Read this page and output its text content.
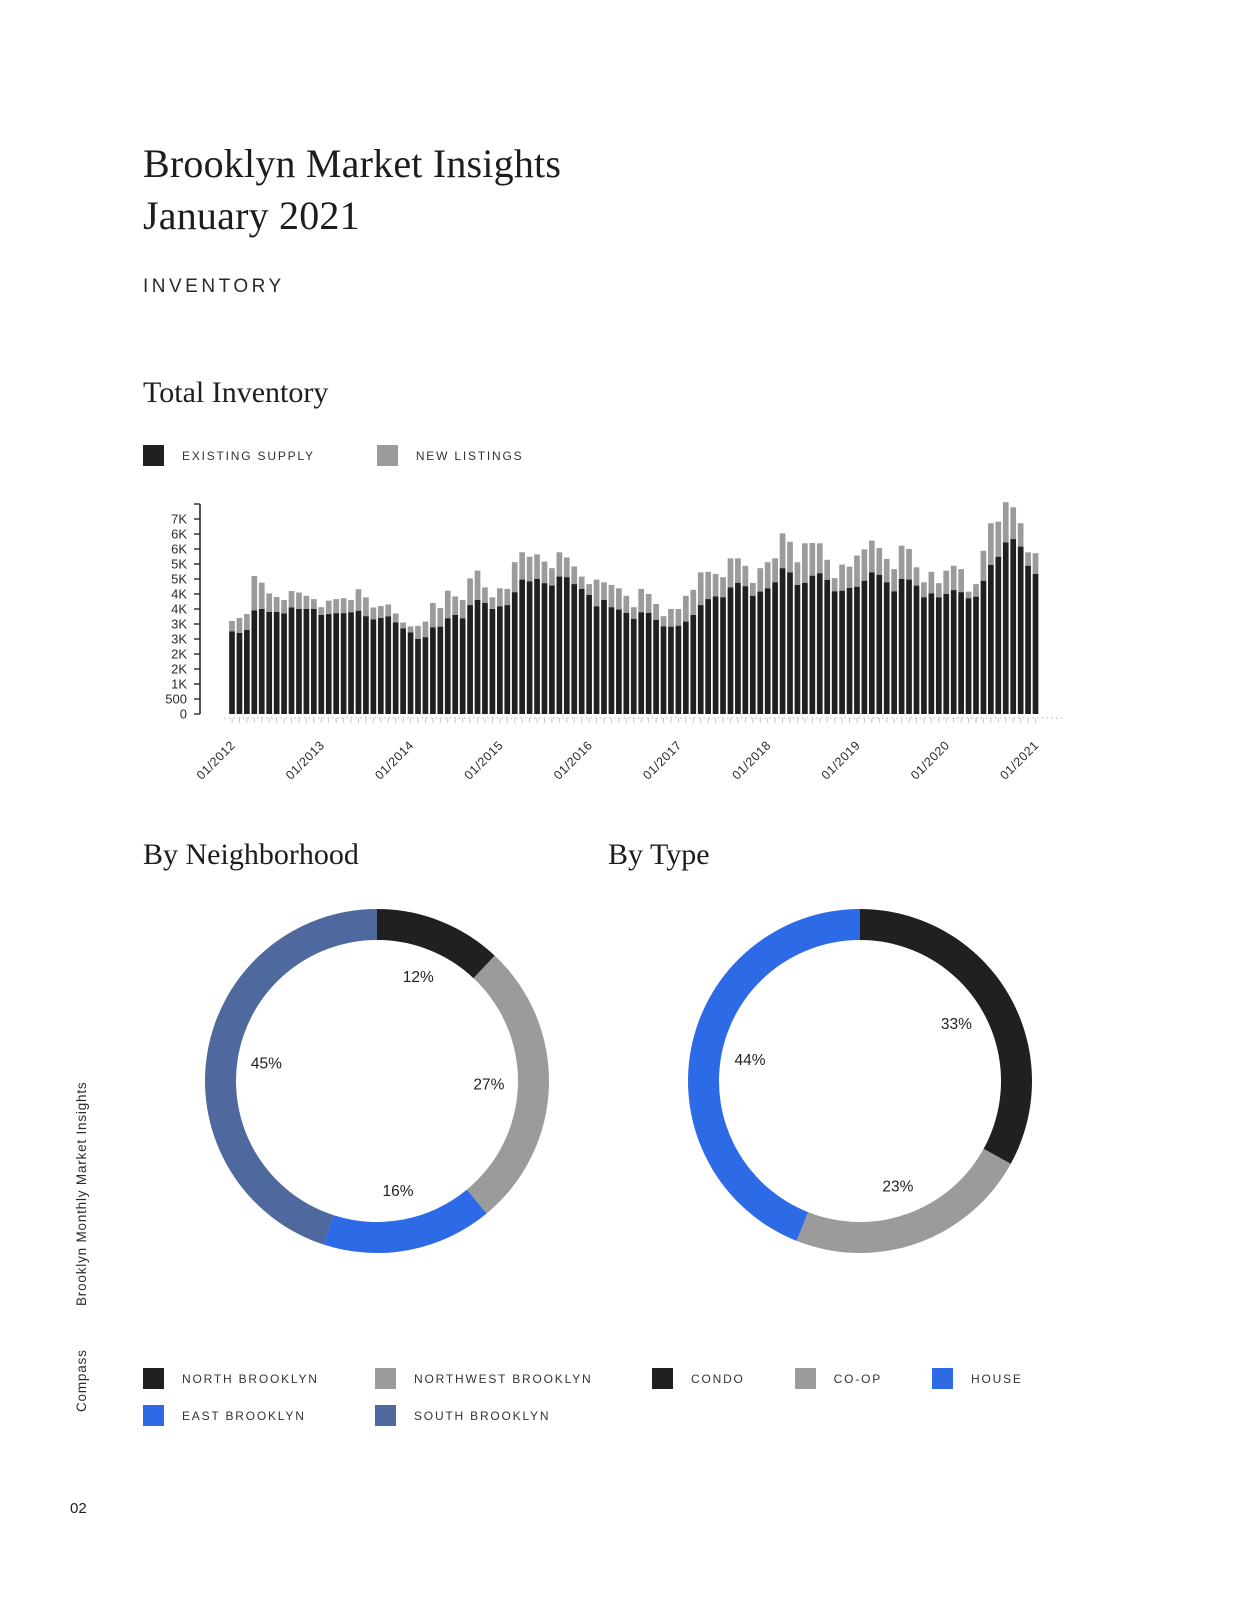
Brooklyn Market Insights
January 2021
INVENTORY
Total Inventory
EXISTING SUPPLY	NEW LISTINGS
0
500
1K
2K
2K
3K
3K
4K
4K
5K
5K
6K
6K
7K
01/2012	01/2013	01/2014	01/2015	01/2016	01/2017	01/2018	01/2019	01/2020	01/2021
By Neighborhood	By Type
12%
27%
16%
45%
33%
23%
44%
NORTH BROOKLYN	NORTHWEST BROOKLYN
EAST BROOKLYN	SOUTH BROOKLYN
CONDO	CO-OP	HOUSE
Brooklyn Monthly Market Insights
Compass
02
